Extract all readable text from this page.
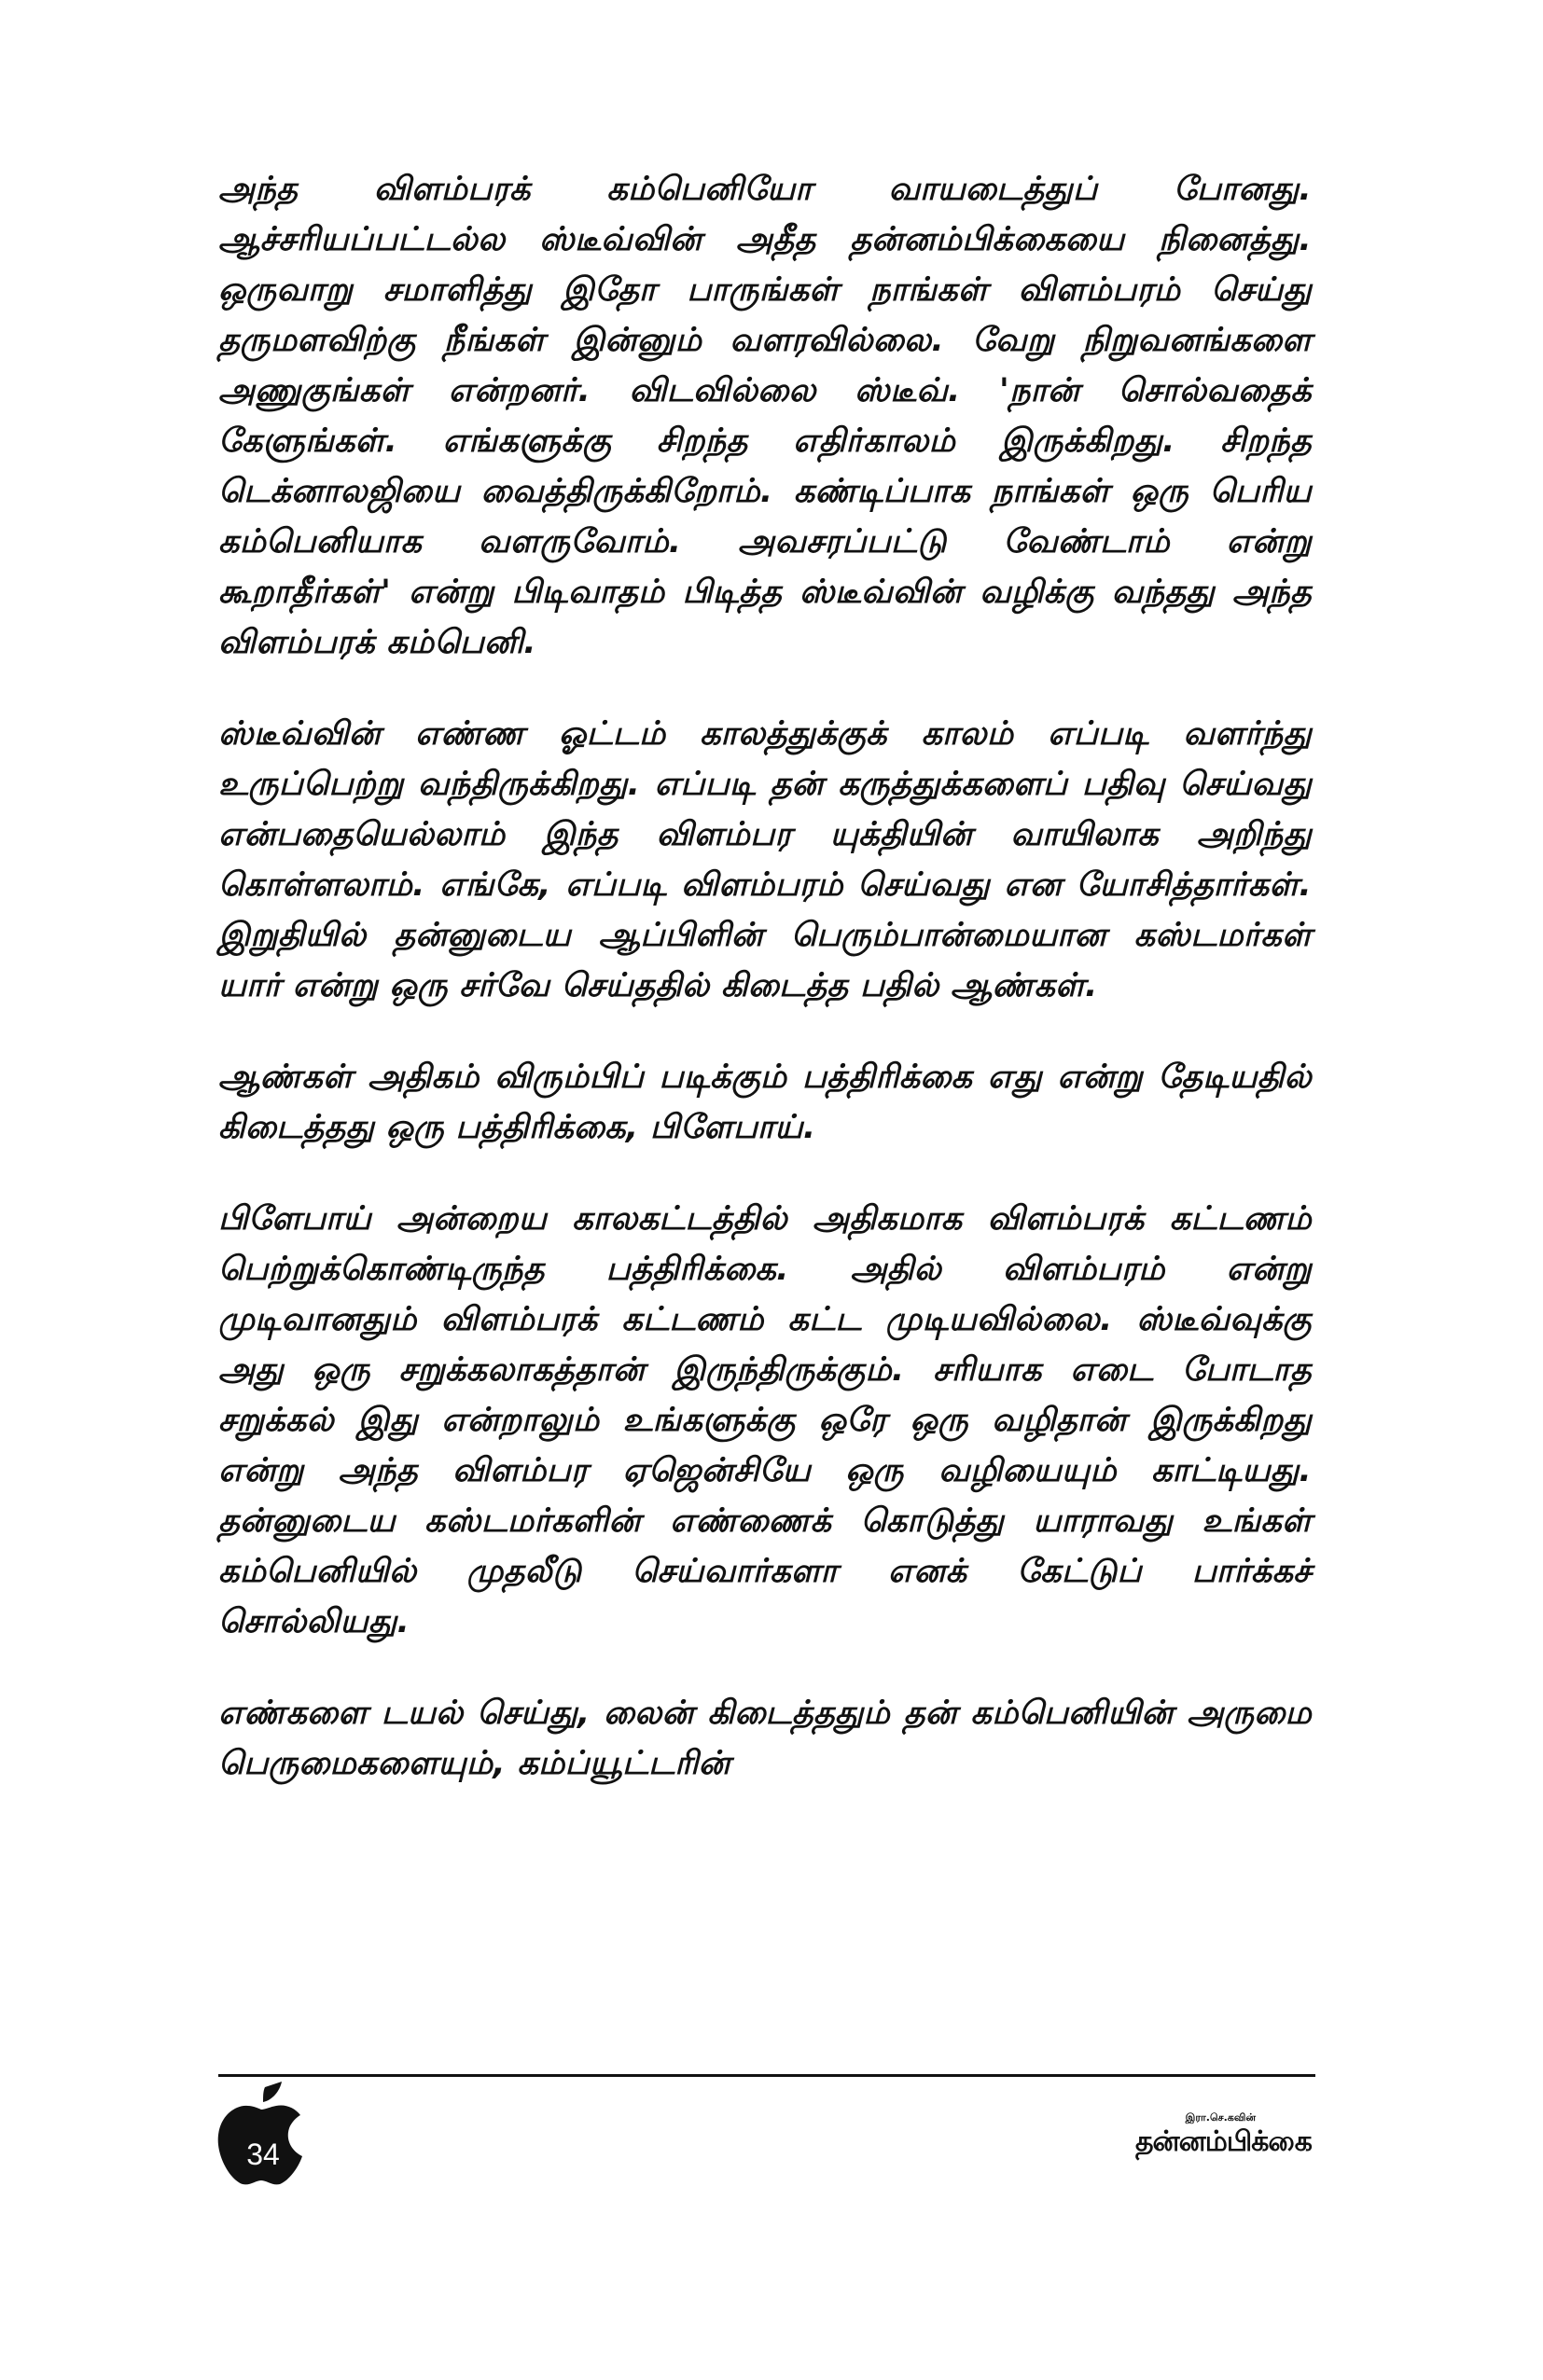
அந்த விளம்பரக் கம்பெனியோ வாயடைத்துப் போனது. ஆச்சரியப்பட்டல்ல ஸ்டீவ்வின் அதீத தன்னம்பிக்கையை நினைத்து. ஒருவாறு சமாளித்து இதோ பாருங்கள் நாங்கள் விளம்பரம் செய்து தருமளவிற்கு நீங்கள் இன்னும் வளரவில்லை. வேறு நிறுவனங்களை அணுகுங்கள் என்றனர். விடவில்லை ஸ்டீவ். 'நான் சொல்வதைக் கேளுங்கள். எங்களுக்கு சிறந்த எதிர்காலம் இருக்கிறது. சிறந்த டெக்னாலஜியை வைத்திருக்கிறோம். கண்டிப்பாக நாங்கள் ஒரு பெரிய கம்பெனியாக வளருவோம். அவசரப்பட்டு வேண்டாம் என்று கூறாதீர்கள்' என்று பிடிவாதம் பிடித்த ஸ்டீவ்வின் வழிக்கு வந்தது அந்த விளம்பரக் கம்பெனி.

ஸ்டீவ்வின் எண்ண ஓட்டம் காலத்துக்குக் காலம் எப்படி வளர்ந்து உருப்பெற்று வந்திருக்கிறது. எப்படி தன் கருத்துக்களைப் பதிவு செய்வது என்பதையெல்லாம் இந்த விளம்பர யுக்தியின் வாயிலாக அறிந்து கொள்ளலாம். எங்கே, எப்படி விளம்பரம் செய்வது என யோசித்தார்கள். இறுதியில் தன்னுடைய ஆப்பிளின் பெரும்பான்மையான கஸ்டமர்கள் யார் என்று ஒரு சர்வே செய்ததில் கிடைத்த பதில் ஆண்கள்.

ஆண்கள் அதிகம் விரும்பிப் படிக்கும் பத்திரிக்கை எது என்று தேடியதில் கிடைத்தது ஒரு பத்திரிக்கை, பிளேபாய்.

பிளேபாய் அன்றைய காலகட்டத்தில் அதிகமாக விளம்பரக் கட்டணம் பெற்றுக்கொண்டிருந்த பத்திரிக்கை. அதில் விளம்பரம் என்று முடிவானதும் விளம்பரக் கட்டணம் கட்ட முடியவில்லை. ஸ்டீவ்வுக்கு அது ஒரு சறுக்கலாகத்தான் இருந்திருக்கும். சரியாக எடை போடாத சறுக்கல் இது என்றாலும் உங்களுக்கு ஒரே ஒரு வழிதான் இருக்கிறது என்று அந்த விளம்பர ஏஜென்சியே ஒரு வழியையும் காட்டியது. தன்னுடைய கஸ்டமர்களின் எண்ணைக் கொடுத்து யாராவது உங்கள் கம்பெனியில் முதலீடு செய்வார்களா எனக் கேட்டுப் பார்க்கச் சொல்லியது.

எண்களை டயல் செய்து, லைன் கிடைத்ததும் தன் கம்பெனியின் அருமை பெருமைகளையும், கம்ப்யூட்டரின்

34
இரா.செ.கவின்
தன்னம்பிக்கை
